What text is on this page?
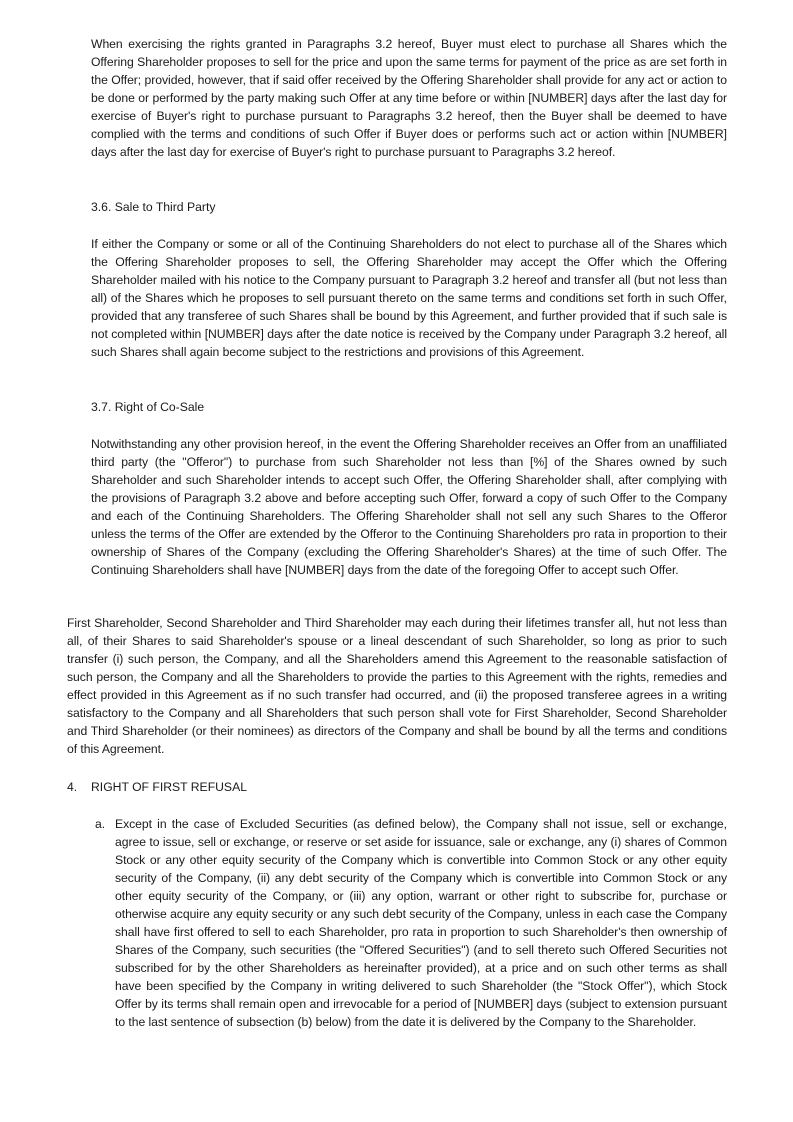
When exercising the rights granted in Paragraphs 3.2 hereof, Buyer must elect to purchase all Shares which the Offering Shareholder proposes to sell for the price and upon the same terms for payment of the price as are set forth in the Offer; provided, however, that if said offer received by the Offering Shareholder shall provide for any act or action to be done or performed by the party making such Offer at any time before or within [NUMBER] days after the last day for exercise of Buyer's right to purchase pursuant to Paragraphs 3.2 hereof, then the Buyer shall be deemed to have complied with the terms and conditions of such Offer if Buyer does or performs such act or action within [NUMBER] days after the last day for exercise of Buyer's right to purchase pursuant to Paragraphs 3.2 hereof.

3.6. Sale to Third Party

If either the Company or some or all of the Continuing Shareholders do not elect to purchase all of the Shares which the Offering Shareholder proposes to sell, the Offering Shareholder may accept the Offer which the Offering Shareholder mailed with his notice to the Company pursuant to Paragraph 3.2 hereof and transfer all (but not less than all) of the Shares which he proposes to sell pursuant thereto on the same terms and conditions set forth in such Offer, provided that any transferee of such Shares shall be bound by this Agreement, and further provided that if such sale is not completed within [NUMBER] days after the date notice is received by the Company under Paragraph 3.2 hereof, all such Shares shall again become subject to the restrictions and provisions of this Agreement.

3.7. Right of Co-Sale

Notwithstanding any other provision hereof, in the event the Offering Shareholder receives an Offer from an unaffiliated third party (the "Offeror") to purchase from such Shareholder not less than [%] of the Shares owned by such Shareholder and such Shareholder intends to accept such Offer, the Offering Shareholder shall, after complying with the provisions of Paragraph 3.2 above and before accepting such Offer, forward a copy of such Offer to the Company and each of the Continuing Shareholders. The Offering Shareholder shall not sell any such Shares to the Offeror unless the terms of the Offer are extended by the Offeror to the Continuing Shareholders pro rata in proportion to their ownership of Shares of the Company (excluding the Offering Shareholder's Shares) at the time of such Offer. The Continuing Shareholders shall have [NUMBER] days from the date of the foregoing Offer to accept such Offer.

First Shareholder, Second Shareholder and Third Shareholder may each during their lifetimes transfer all, hut not less than all, of their Shares to said Shareholder's spouse or a lineal descendant of such Shareholder, so long as prior to such transfer (i) such person, the Company, and all the Shareholders amend this Agreement to the reasonable satisfaction of such person, the Company and all the Shareholders to provide the parties to this Agreement with the rights, remedies and effect provided in this Agreement as if no such transfer had occurred, and (ii) the proposed transferee agrees in a writing satisfactory to the Company and all Shareholders that such person shall vote for First Shareholder, Second Shareholder and Third Shareholder (or their nominees) as directors of the Company and shall be bound by all the terms and conditions of this Agreement.

4. RIGHT OF FIRST REFUSAL
a. Except in the case of Excluded Securities (as defined below), the Company shall not issue, sell or exchange, agree to issue, sell or exchange, or reserve or set aside for issuance, sale or exchange, any (i) shares of Common Stock or any other equity security of the Company which is convertible into Common Stock or any other equity security of the Company, (ii) any debt security of the Company which is convertible into Common Stock or any other equity security of the Company, or (iii) any option, warrant or other right to subscribe for, purchase or otherwise acquire any equity security or any such debt security of the Company, unless in each case the Company shall have first offered to sell to each Shareholder, pro rata in proportion to such Shareholder's then ownership of Shares of the Company, such securities (the "Offered Securities") (and to sell thereto such Offered Securities not subscribed for by the other Shareholders as hereinafter provided), at a price and on such other terms as shall have been specified by the Company in writing delivered to such Shareholder (the "Stock Offer"), which Stock Offer by its terms shall remain open and irrevocable for a period of [NUMBER] days (subject to extension pursuant to the last sentence of subsection (b) below) from the date it is delivered by the Company to the Shareholder.
